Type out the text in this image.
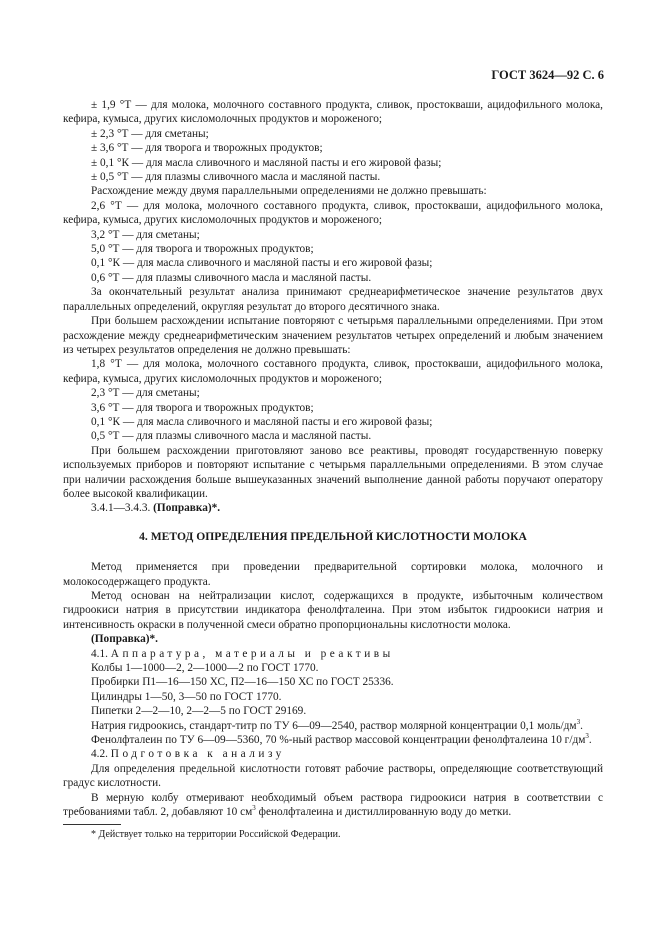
ГОСТ 3624—92 С. 6

± 1,9 °Т — для молока, молочного составного продукта, сливок, простокваши, ацидофильного молока, кефира, кумыса, других кисломолочных продуктов и мороженого;

± 2,3 °Т — для сметаны;

± 3,6 °Т — для творога и творожных продуктов;

± 0,1 °К — для масла сливочного и масляной пасты и его жировой фазы;

± 0,5 °Т — для плазмы сливочного масла и масляной пасты.

Расхождение между двумя параллельными определениями не должно превышать:

2,6 °Т — для молока, молочного составного продукта, сливок, простокваши, ацидофильного молока, кефира, кумыса, других кисломолочных продуктов и мороженого;

3,2 °Т — для сметаны;

5,0 °Т — для творога и творожных продуктов;

0,1 °К — для масла сливочного и масляной пасты и его жировой фазы;

0,6 °Т — для плазмы сливочного масла и масляной пасты.

За окончательный результат анализа принимают среднеарифметическое значение результатов двух параллельных определений, округляя результат до второго десятичного знака.

При большем расхождении испытание повторяют с четырьмя параллельными определениями. При этом расхождение между среднеарифметическим значением результатов четырех определений и любым значением из четырех результатов определения не должно превышать:

1,8 °Т — для молока, молочного составного продукта, сливок, простокваши, ацидофильного молока, кефира, кумыса, других кисломолочных продуктов и мороженого;

2,3 °Т — для сметаны;

3,6 °Т — для творога и творожных продуктов;

0,1 °К — для масла сливочного и масляной пасты и его жировой фазы;

0,5 °Т — для плазмы сливочного масла и масляной пасты.

При большем расхождении приготовляют заново все реактивы, проводят государственную поверку используемых приборов и повторяют испытание с четырьмя параллельными определениями. В этом случае при наличии расхождения больше вышеуказанных значений выполнение данной работы поручают оператору более высокой квалификации.

3.4.1—3.4.3. (Поправка)*.

4. МЕТОД ОПРЕДЕЛЕНИЯ ПРЕДЕЛЬНОЙ КИСЛОТНОСТИ МОЛОКА

Метод применяется при проведении предварительной сортировки молока, молочного и молокосодержащего продукта.

Метод основан на нейтрализации кислот, содержащихся в продукте, избыточным количеством гидроокиси натрия в присутствии индикатора фенолфталеина. При этом избыток гидроокиси натрия и интенсивность окраски в полученной смеси обратно пропорциональны кислотности молока.

(Поправка)*.

4.1. Аппаратура, материалы и реактивы

Колбы 1—1000—2, 2—1000—2 по ГОСТ 1770.

Пробирки П1—16—150 ХС, П2—16—150 ХС по ГОСТ 25336.

Цилиндры 1—50, 3—50 по ГОСТ 1770.

Пипетки 2—2—10, 2—2—5 по ГОСТ 29169.

Натрия гидроокись, стандарт-титр по ТУ 6—09—2540, раствор молярной концентрации 0,1 моль/$дм^3$.

Фенолфталеин по ТУ 6—09—5360, 70 %-ный раствор массовой концентрации фенолфталеина 10 $г/дм^3$.

4.2. Подготовка к анализу

Для определения предельной кислотности готовят рабочие растворы, определяющие соответствующий градус кислотности.

В мерную колбу отмеривают необходимый объем раствора гидроокиси натрия в соответствии с требованиями табл. 2, добавляют 10 $см^3$ фенолфталеина и дистиллированную воду до метки.

* Действует только на территории Российской Федерации.
